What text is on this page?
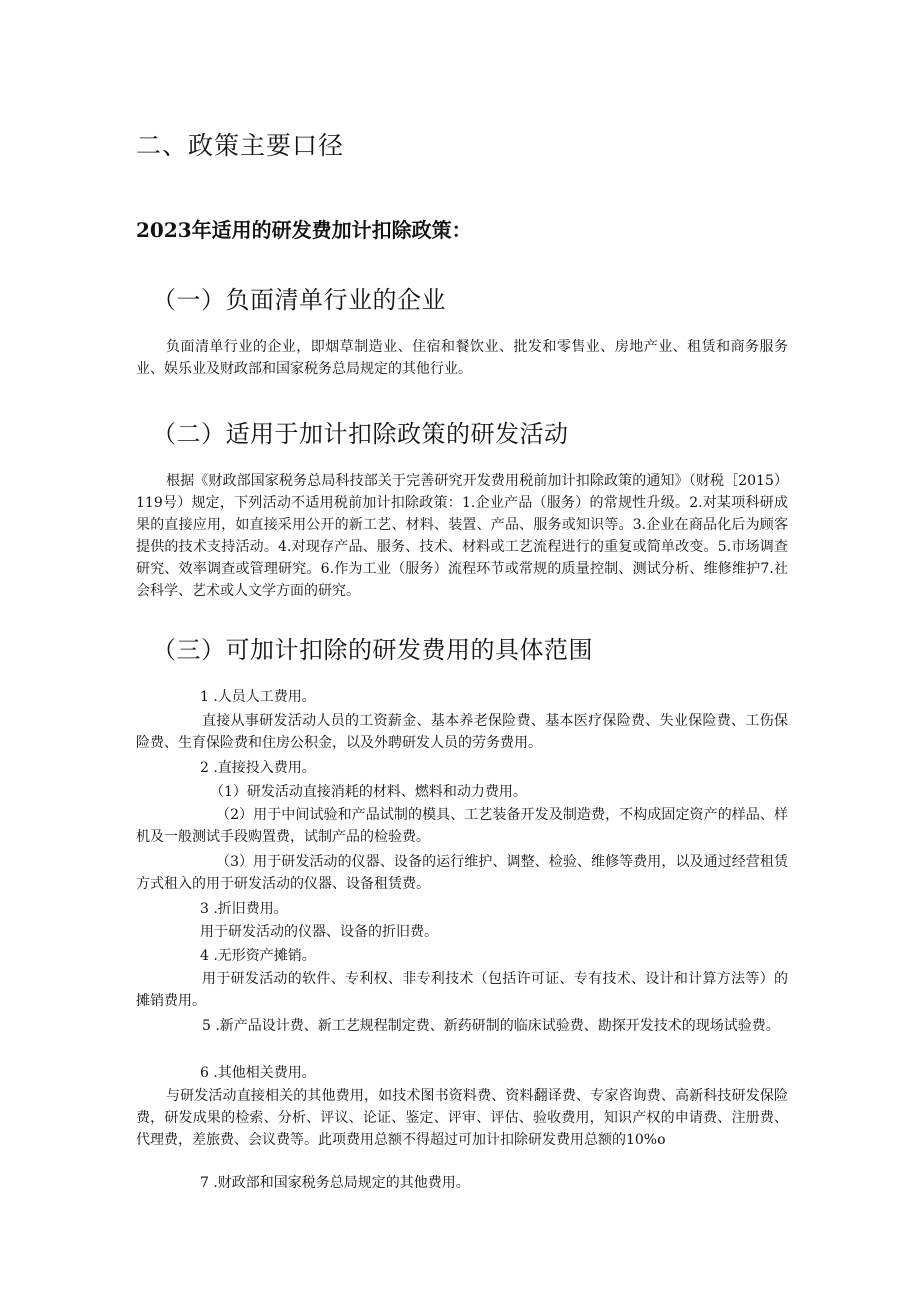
二、政策主要口径
2023年适用的研发费加计扣除政策：
（一）负面清单行业的企业

负面清单行业的企业，即烟草制造业、住宿和餐饮业、批发和零售业、房地产业、租赁和商务服务业、娱乐业及财政部和国家税务总局规定的其他行业。

（二）适用于加计扣除政策的研发活动

根据《财政部国家税务总局科技部关于完善研究开发费用税前加计扣除政策的通知》（财税［2015）119号）规定，下列活动不适用税前加计扣除政策：1.企业产品（服务）的常规性升级。2.对某项科研成果的直接应用，如直接采用公开的新工艺、材料、装置、产品、服务或知识等。3.企业在商品化后为顾客提供的技术支持活动。4.对现存产品、服务、技术、材料或工艺流程进行的重复或简单改变。5.市场调查研究、效率调查或管理研究。6.作为工业（服务）流程环节或常规的质量控制、测试分析、维修维护7.社会科学、艺术或人文学方面的研究。

（三）可加计扣除的研发费用的具体范围
1 .人员人工费用。

直接从事研发活动人员的工资薪金、基本养老保险费、基本医疗保险费、失业保险费、工伤保险费、生育保险费和住房公积金，以及外聘研发人员的劳务费用。

2 .直接投入费用。
（1）研发活动直接消耗的材料、燃料和动力费用。

（2）用于中间试验和产品试制的模具、工艺装备开发及制造费，不构成固定资产的样品、样机及一般测试手段购置费，试制产品的检验费。

（3）用于研发活动的仪器、设备的运行维护、调整、检验、维修等费用，以及通过经营租赁方式租入的用于研发活动的仪器、设备租赁费。

3 .折旧费用。
用于研发活动的仪器、设备的折旧费。
4 .无形资产摊销。

用于研发活动的软件、专利权、非专利技术（包括许可证、专有技术、设计和计算方法等）的摊销费用。

5 .新产品设计费、新工艺规程制定费、新药研制的临床试验费、勘探开发技术的现场试验费。

6 .其他相关费用。

与研发活动直接相关的其他费用，如技术图书资料费、资料翻译费、专家咨询费、高新科技研发保险费，研发成果的检索、分析、评议、论证、鉴定、评审、评估、验收费用，知识产权的申请费、注册费、代理费，差旅费、会议费等。此项费用总额不得超过可加计扣除研发费用总额的10%o

7 .财政部和国家税务总局规定的其他费用。
